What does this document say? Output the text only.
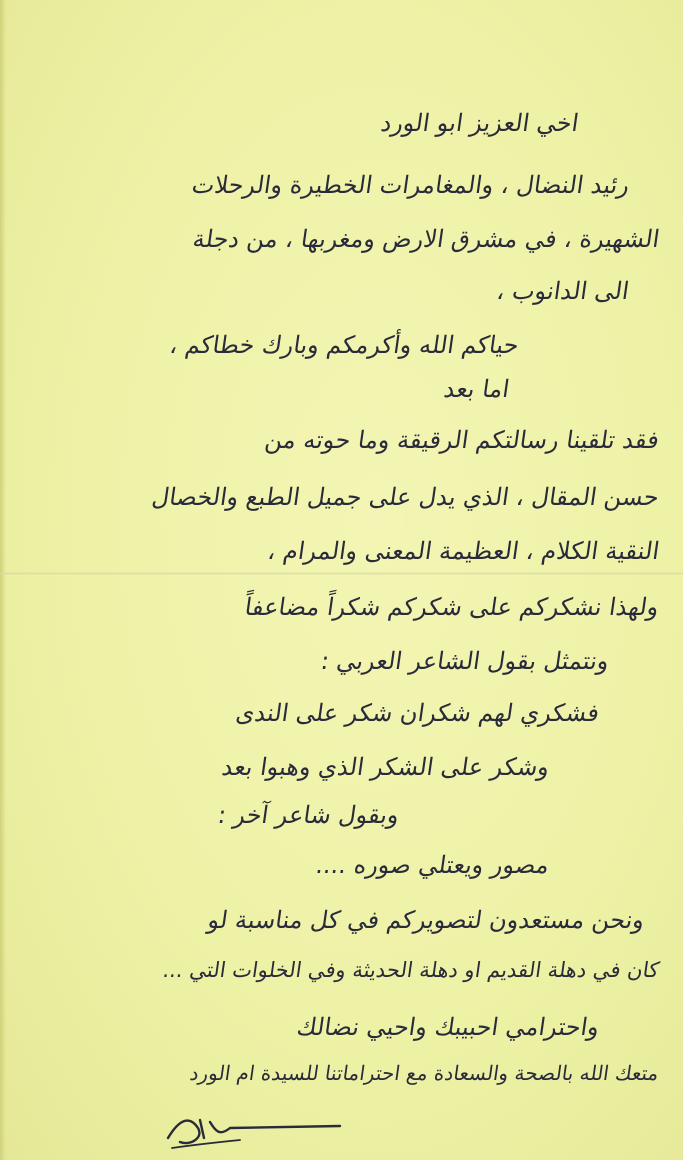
اخي العزيز ابو الورد
رئيد النضال ، والمغامرات الخطيرة والرحلات
الشهيرة ، في مشرق الارض ومغربها ، من دجلة
الى الدانوب ،
حياكم الله وأكرمكم وبارك خطاكم ،
اما بعد
فقد تلقينا رسالتكم الرقيقة وما حوته من
حسن المقال ، الذي يدل على جميل الطبع والخصال
النقية الكلام ، العظيمة المعنى والمرام ،
ولهذا نشكركم على شكركم شكراً مضاعفاً
ونتمثل بقول الشاعر العربي :
فشكري لهم شكران شكر على الندى
وشكر على الشكر الذي وهبوا بعد
وبقول شاعر آخر :
مصور ويعتلي صوره ....
ونحن مستعدون لتصويركم في كل مناسبة لو
كان في دهلة القديم او دهلة الحديثة وفي الخلوات التي ...
واحترامي احبيبك واحيي نضالك
متعك الله بالصحة والسعادة مع احتراماتنا للسيدة ام الورد
